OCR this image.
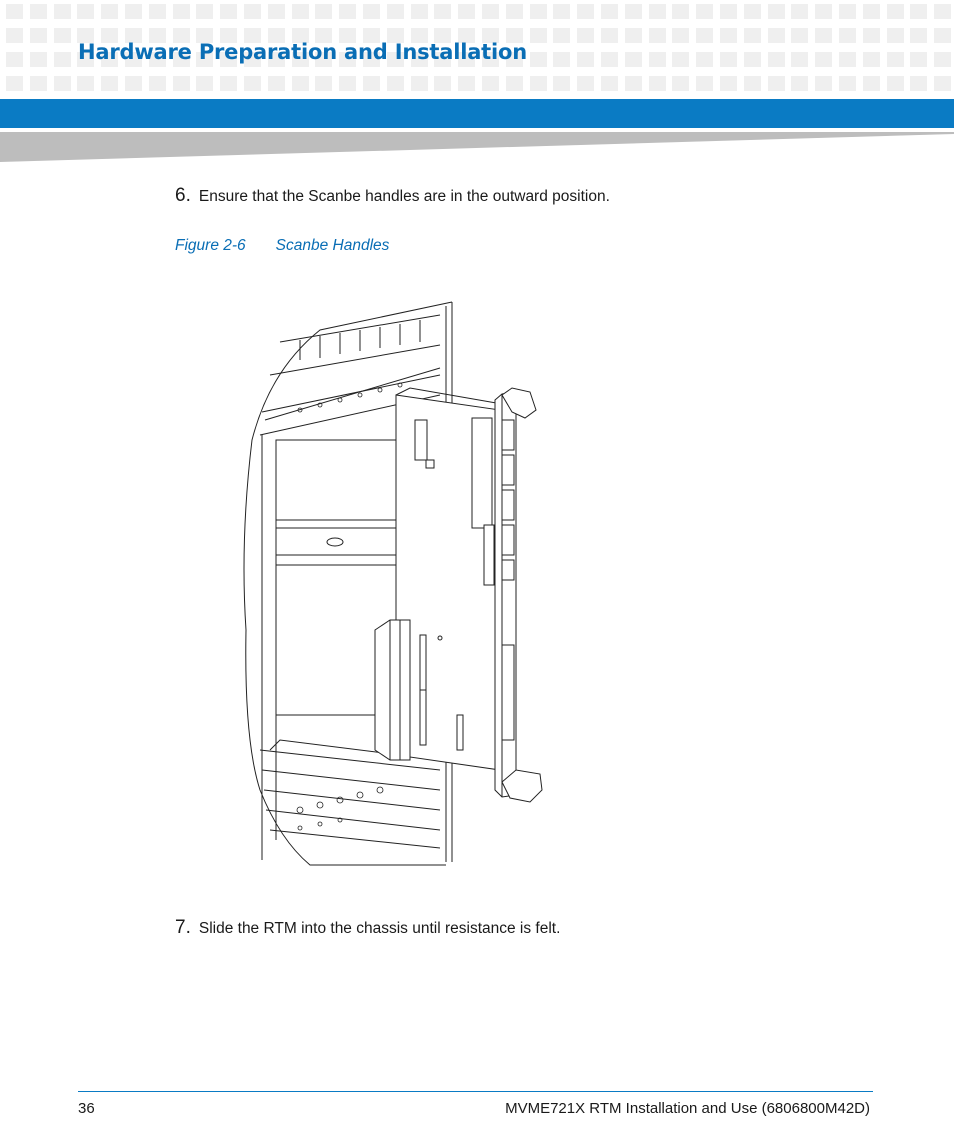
Hardware Preparation and Installation
6. Ensure that the Scanbe handles are in the outward position.
Figure 2-6 Scanbe Handles
7. Slide the RTM into the chassis until resistance is felt.
36	MVME721X RTM Installation and Use (6806800M42D)
